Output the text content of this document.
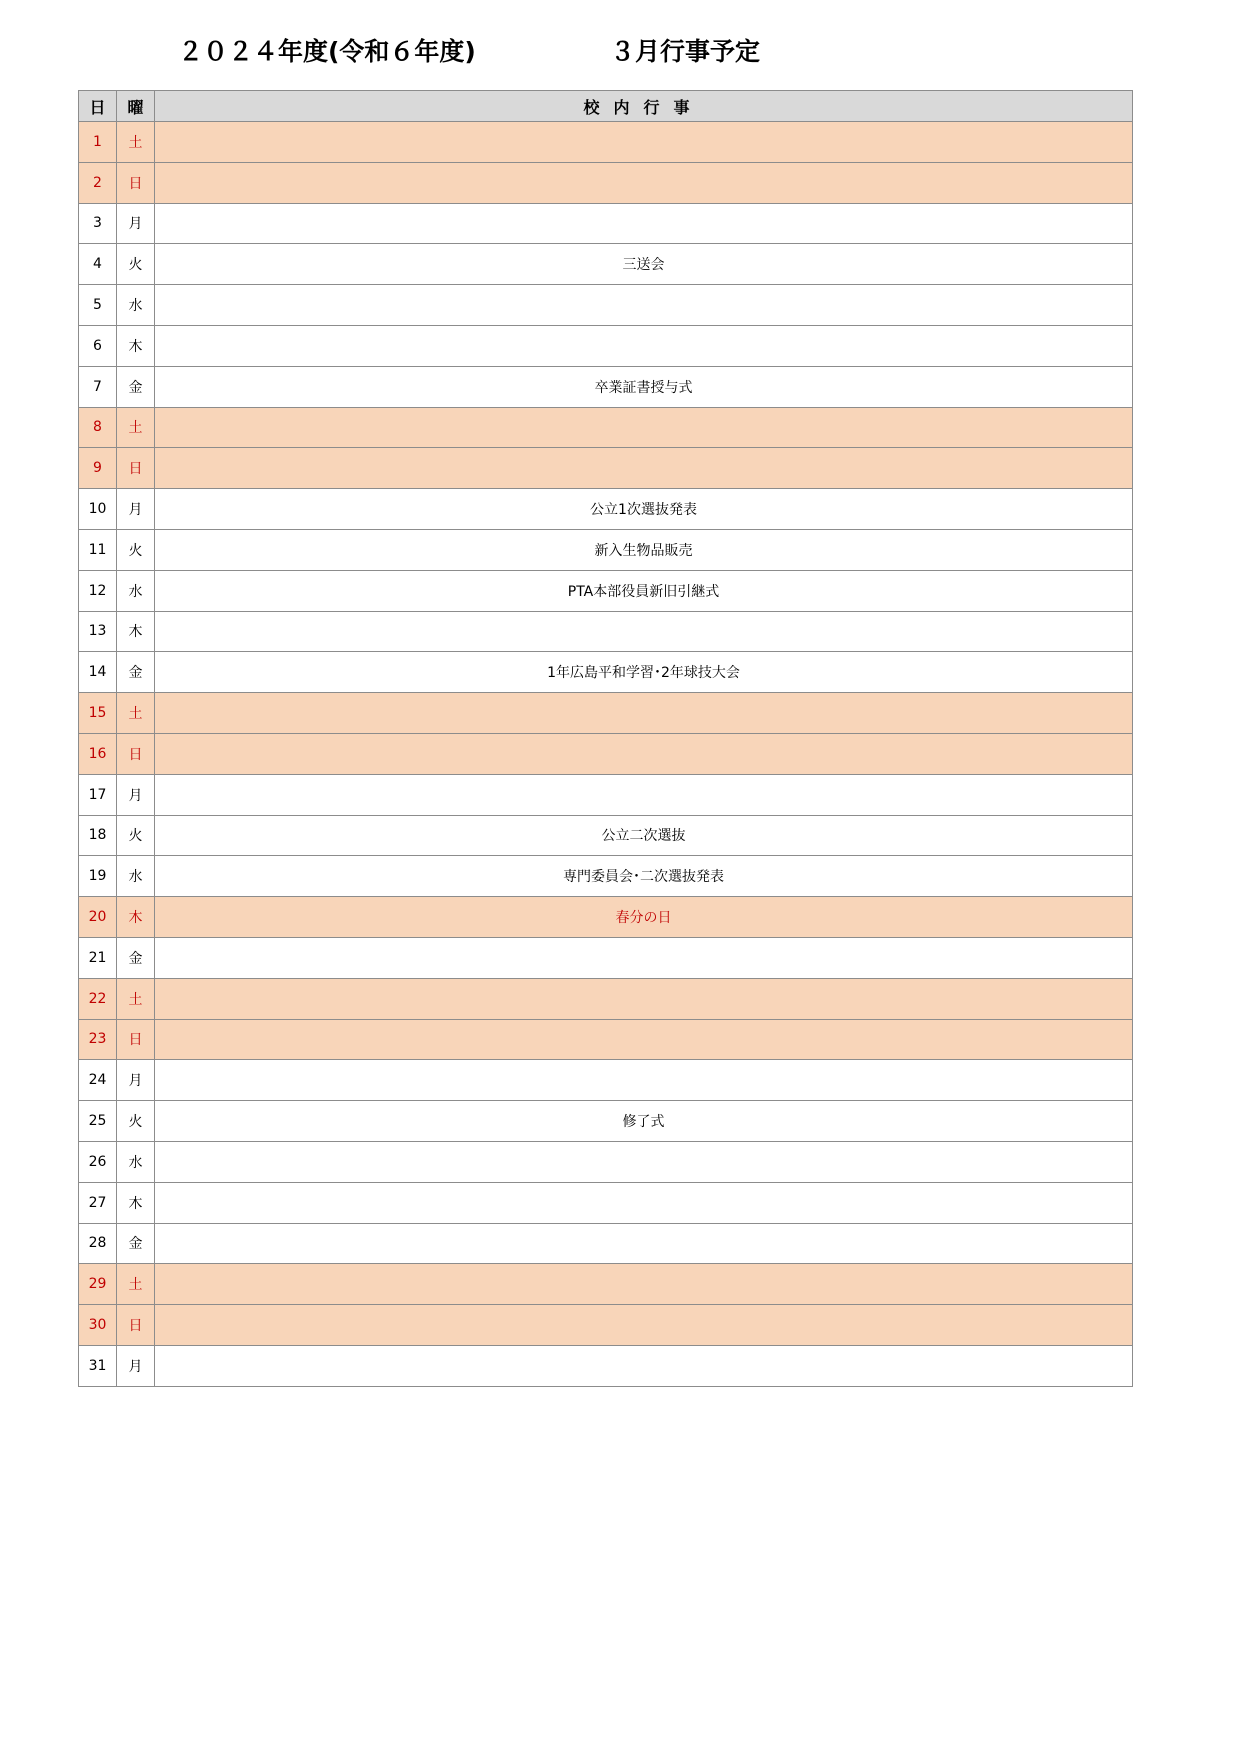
２０２４年度(令和６年度)	３月行事予定
日	曜	校内行事
1	土	
2	日	
3	月	
4	火	三送会
5	水	
6	木	
7	金	卒業証書授与式
8	土	
9	日	
10	月	公立1次選抜発表
11	火	新入生物品販売
12	水	PTA本部役員新旧引継式
13	木	
14	金	1年広島平和学習･2年球技大会
15	土	
16	日	
17	月	
18	火	公立二次選抜
19	水	専門委員会･二次選抜発表
20	木	春分の日
21	金	
22	土	
23	日	
24	月	
25	火	修了式
26	水	
27	木	
28	金	
29	土	
30	日	
31	月	
